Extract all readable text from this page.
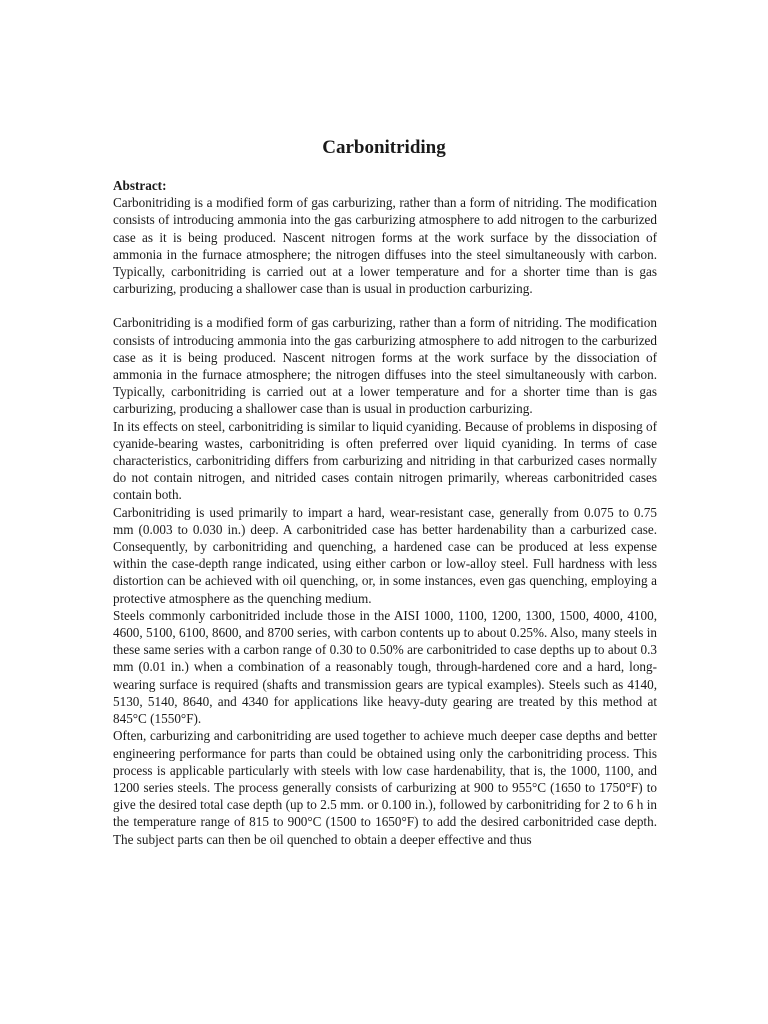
Carbonitriding
Abstract:

Carbonitriding is a modified form of gas carburizing, rather than a form of nitriding. The modification consists of introducing ammonia into the gas carburizing atmosphere to add nitrogen to the carburized case as it is being produced. Nascent nitrogen forms at the work surface by the dissociation of ammonia in the furnace atmosphere; the nitrogen diffuses into the steel simultaneously with carbon. Typically, carbonitriding is carried out at a lower temperature and for a shorter time than is gas carburizing, producing a shallower case than is usual in production carburizing.

Carbonitriding is a modified form of gas carburizing, rather than a form of nitriding. The modification consists of introducing ammonia into the gas carburizing atmosphere to add nitrogen to the carburized case as it is being produced. Nascent nitrogen forms at the work surface by the dissociation of ammonia in the furnace atmosphere; the nitrogen diffuses into the steel simultaneously with carbon. Typically, carbonitriding is carried out at a lower temperature and for a shorter time than is gas carburizing, producing a shallower case than is usual in production carburizing.

In its effects on steel, carbonitriding is similar to liquid cyaniding. Because of problems in disposing of cyanide-bearing wastes, carbonitriding is often preferred over liquid cyaniding. In terms of case characteristics, carbonitriding differs from carburizing and nitriding in that carburized cases normally do not contain nitrogen, and nitrided cases contain nitrogen primarily, whereas carbonitrided cases contain both.

Carbonitriding is used primarily to impart a hard, wear-resistant case, generally from 0.075 to 0.75 mm (0.003 to 0.030 in.) deep. A carbonitrided case has better hardenability than a carburized case. Consequently, by carbonitriding and quenching, a hardened case can be produced at less expense within the case-depth range indicated, using either carbon or low-alloy steel. Full hardness with less distortion can be achieved with oil quenching, or, in some instances, even gas quenching, employing a protective atmosphere as the quenching medium.

Steels commonly carbonitrided include those in the AISI 1000, 1100, 1200, 1300, 1500, 4000, 4100, 4600, 5100, 6100, 8600, and 8700 series, with carbon contents up to about 0.25%. Also, many steels in these same series with a carbon range of 0.30 to 0.50% are carbonitrided to case depths up to about 0.3 mm (0.01 in.) when a combination of a reasonably tough, through-hardened core and a hard, long-wearing surface is required (shafts and transmission gears are typical examples). Steels such as 4140, 5130, 5140, 8640, and 4340 for applications like heavy-duty gearing are treated by this method at 845°C (1550°F).

Often, carburizing and carbonitriding are used together to achieve much deeper case depths and better engineering performance for parts than could be obtained using only the carbonitriding process. This process is applicable particularly with steels with low case hardenability, that is, the 1000, 1100, and 1200 series steels. The process generally consists of carburizing at 900 to 955°C (1650 to 1750°F) to give the desired total case depth (up to 2.5 mm. or 0.100 in.), followed by carbonitriding for 2 to 6 h in the temperature range of 815 to 900°C (1500 to 1650°F) to add the desired carbonitrided case depth. The subject parts can then be oil quenched to obtain a deeper effective and thus
